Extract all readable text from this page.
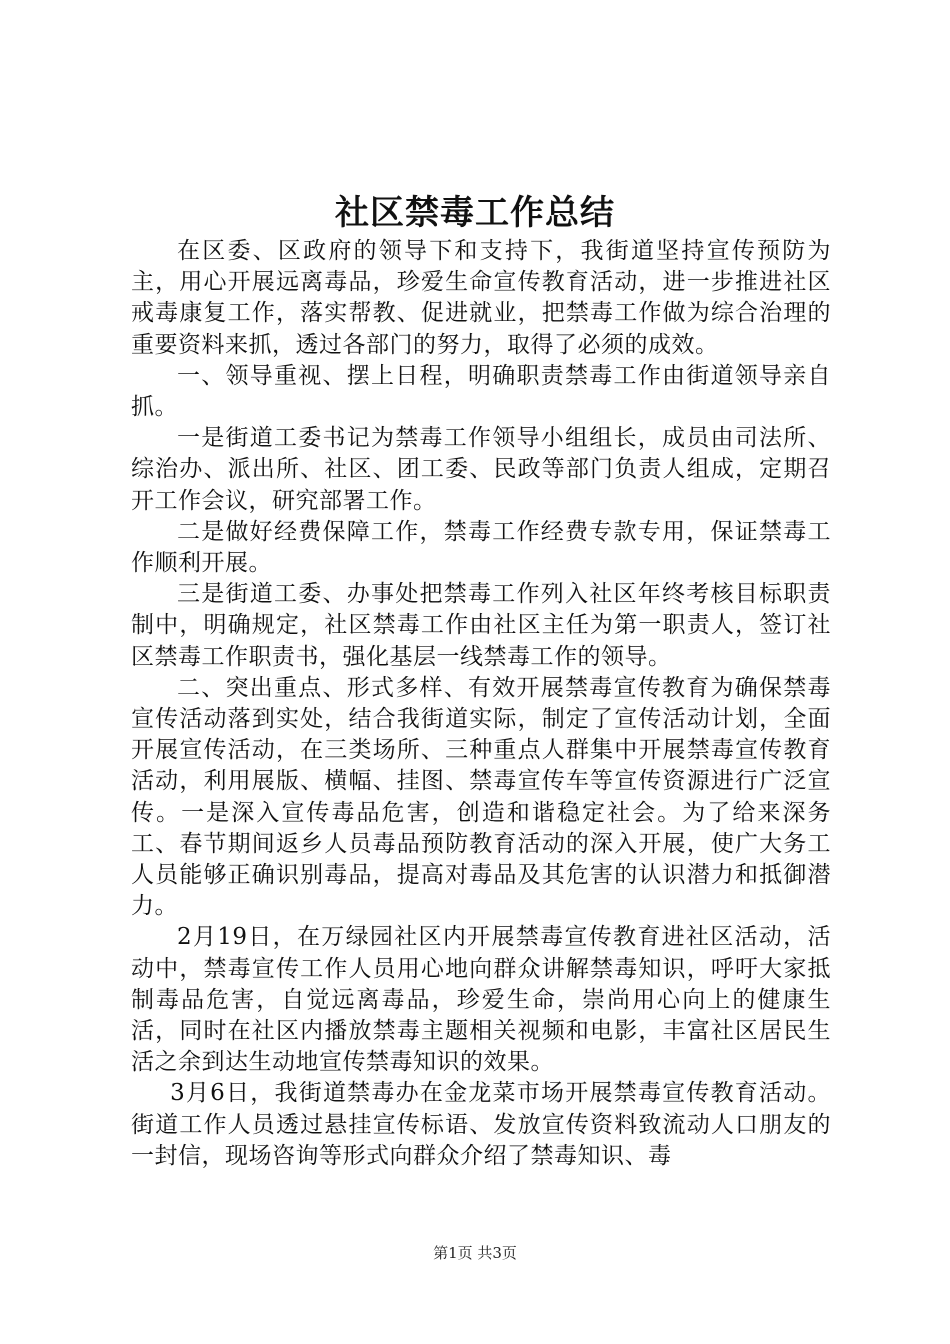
社区禁毒工作总结

在区委、区政府的领导下和支持下，我街道坚持宣传预防为主，用心开展远离毒品，珍爱生命宣传教育活动，进一步推进社区戒毒康复工作，落实帮教、促进就业，把禁毒工作做为综合治理的重要资料来抓，透过各部门的努力，取得了必须的成效。

一、领导重视、摆上日程，明确职责禁毒工作由街道领导亲自抓。

一是街道工委书记为禁毒工作领导小组组长，成员由司法所、综治办、派出所、社区、团工委、民政等部门负责人组成，定期召开工作会议，研究部署工作。

二是做好经费保障工作，禁毒工作经费专款专用，保证禁毒工作顺利开展。

三是街道工委、办事处把禁毒工作列入社区年终考核目标职责制中，明确规定，社区禁毒工作由社区主任为第一职责人，签订社区禁毒工作职责书，强化基层一线禁毒工作的领导。

二、突出重点、形式多样、有效开展禁毒宣传教育为确保禁毒宣传活动落到实处，结合我街道实际，制定了宣传活动计划，全面开展宣传活动，在三类场所、三种重点人群集中开展禁毒宣传教育活动，利用展版、横幅、挂图、禁毒宣传车等宣传资源进行广泛宣传。一是深入宣传毒品危害，创造和谐稳定社会。为了给来深务工、春节期间返乡人员毒品预防教育活动的深入开展，使广大务工人员能够正确识别毒品，提高对毒品及其危害的认识潜力和抵御潜力。

2月19日，在万绿园社区内开展禁毒宣传教育进社区活动，活动中，禁毒宣传工作人员用心地向群众讲解禁毒知识，呼吁大家抵制毒品危害，自觉远离毒品，珍爱生命，崇尚用心向上的健康生活，同时在社区内播放禁毒主题相关视频和电影，丰富社区居民生活之余到达生动地宣传禁毒知识的效果。

3月6日，我街道禁毒办在金龙菜市场开展禁毒宣传教育活动。街道工作人员透过悬挂宣传标语、发放宣传资料致流动人口朋友的一封信，现场咨询等形式向群众介绍了禁毒知识、毒

第1页 共3页
